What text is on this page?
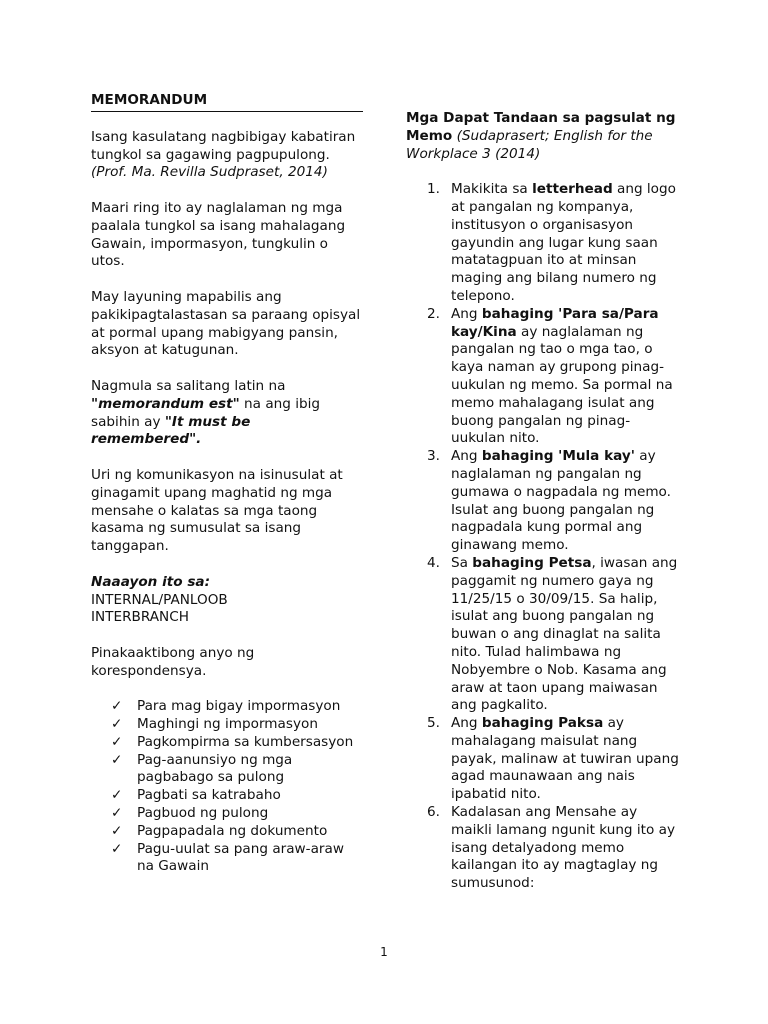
MEMORANDUM

Isang kasulatang nagbibigay kabatiran tungkol sa gagawing pagpupulong.
(Prof. Ma. Revilla Sudpraset, 2014)

Maari ring ito ay naglalaman ng mga paalala tungkol sa isang mahalagang Gawain, impormasyon, tungkulin o utos.

May layuning mapabilis ang pakikipagtalastasan sa paraang opisyal at pormal upang mabigyang pansin, aksyon at katugunan.

Nagmula sa salitang latin na "memorandum est" na ang ibig sabihin ay "It must be remembered".

Uri ng komunikasyon na isinusulat at ginagamit upang maghatid ng mga mensahe o kalatas sa mga taong kasama ng sumusulat sa isang tanggapan.

Naaayon ito sa:
INTERNAL/PANLOOB
INTERBRANCH

Pinakaaktibong anyo ng korespondensya.

✓ Para mag bigay impormasyon
✓ Maghingi ng impormasyon
✓ Pagkompirma sa kumbersasyon
✓ Pag-aanunsiyo ng mga pagbabago sa pulong
✓ Pagbati sa katrabaho
✓ Pagbuod ng pulong
✓ Pagpapadala ng dokumento
✓ Pagu-uulat sa pang araw-araw na Gawain

Mga Dapat Tandaan sa pagsulat ng Memo (Sudaprasert; English for the Workplace 3 (2014)

1. Makikita sa letterhead ang logo at pangalan ng kompanya, institusyon o organisasyon gayundin ang lugar kung saan matatagpuan ito at minsan maging ang bilang numero ng telepono.
2. Ang bahaging 'Para sa/Para kay/Kina ay naglalaman ng pangalan ng tao o mga tao, o kaya naman ay grupong pinag-uukulan ng memo. Sa pormal na memo mahalagang isulat ang buong pangalan ng pinag-uukulan nito.
3. Ang bahaging 'Mula kay' ay naglalaman ng pangalan ng gumawa o nagpadala ng memo. Isulat ang buong pangalan ng nagpadala kung pormal ang ginawang memo.
4. Sa bahaging Petsa, iwasan ang paggamit ng numero gaya ng 11/25/15 o 30/09/15. Sa halip, isulat ang buong pangalan ng buwan o ang dinaglat na salita nito. Tulad halimbawa ng Nobyembre o Nob. Kasama ang araw at taon upang maiwasan ang pagkalito.
5. Ang bahaging Paksa ay mahalagang maisulat nang payak, malinaw at tuwiran upang agad maunawaan ang nais ipabatid nito.
6. Kadalasan ang Mensahe ay maikli lamang ngunit kung ito ay isang detalyadong memo kailangan ito ay magtaglay ng sumusunod:
1
